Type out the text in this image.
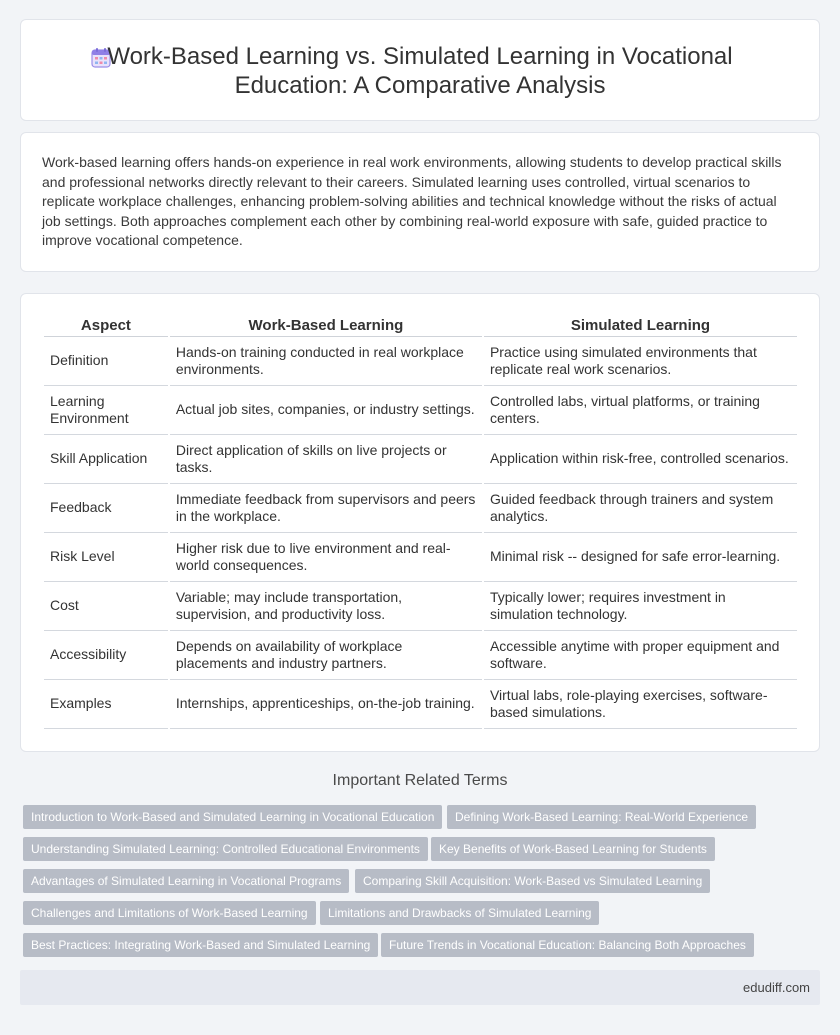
Work-Based Learning vs. Simulated Learning in Vocational
Education: A Comparative Analysis

Work-based learning offers hands-on experience in real work environments, allowing students to develop practical skills and professional networks directly relevant to their careers. Simulated learning uses controlled, virtual scenarios to replicate workplace challenges, enhancing problem-solving abilities and technical knowledge without the risks of actual job settings. Both approaches complement each other by combining real-world exposure with safe, guided practice to improve vocational competence.

Aspect	Work-Based Learning	Simulated Learning
Definition	Hands-on training conducted in real workplace environments.	Practice using simulated environments that replicate real work scenarios.
Learning Environment	Actual job sites, companies, or industry settings.	Controlled labs, virtual platforms, or training centers.
Skill Application	Direct application of skills on live projects or tasks.	Application within risk-free, controlled scenarios.
Feedback	Immediate feedback from supervisors and peers in the workplace.	Guided feedback through trainers and system analytics.
Risk Level	Higher risk due to live environment and real-world consequences.	Minimal risk -- designed for safe error-learning.
Cost	Variable; may include transportation, supervision, and productivity loss.	Typically lower; requires investment in simulation technology.
Accessibility	Depends on availability of workplace placements and industry partners.	Accessible anytime with proper equipment and software.
Examples	Internships, apprenticeships, on-the-job training.	Virtual labs, role-playing exercises, software-based simulations.
Important Related Terms
Introduction to Work-Based and Simulated Learning in Vocational Education	Defining Work-Based Learning: Real-World Experience
Understanding Simulated Learning: Controlled Educational Environments	Key Benefits of Work-Based Learning for Students
Advantages of Simulated Learning in Vocational Programs	Comparing Skill Acquisition: Work-Based vs Simulated Learning
Challenges and Limitations of Work-Based Learning	Limitations and Drawbacks of Simulated Learning
Best Practices: Integrating Work-Based and Simulated Learning	Future Trends in Vocational Education: Balancing Both Approaches
edudiff.com
